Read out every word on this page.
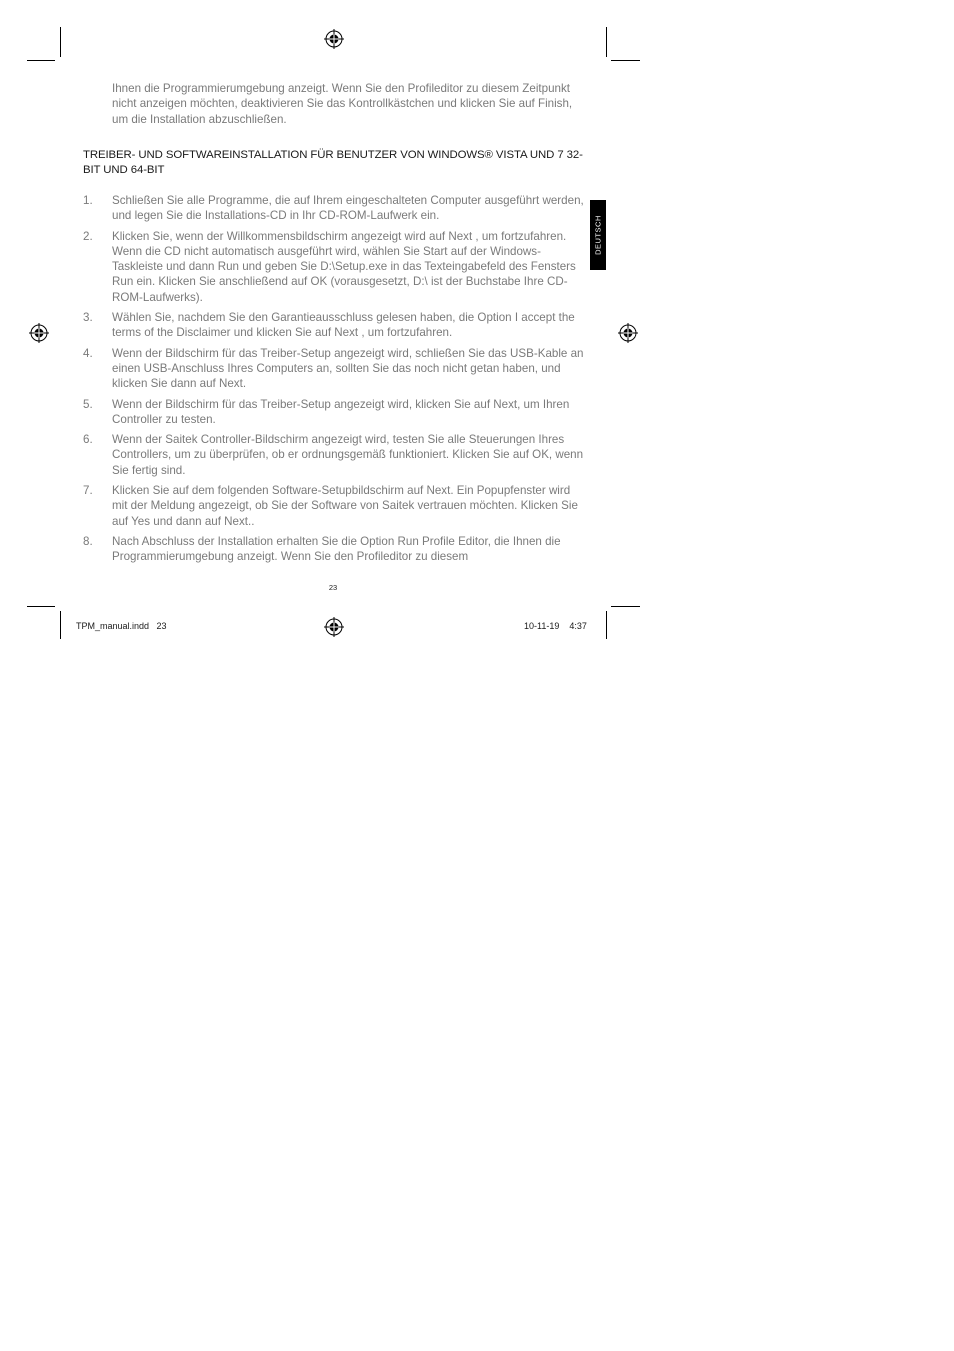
Ihnen die Programmierumgebung anzeigt. Wenn Sie den Profileditor zu diesem Zeitpunkt nicht anzeigen möchten, deaktivieren Sie das Kontrollkästchen und klicken Sie auf Finish, um die Installation abzuschließen.

TREIBER- UND SOFTWAREINSTALLATION FÜR BENUTZER VON WINDOWS® VISTA UND 7 32-BIT UND 64-BIT
1. Schließen Sie alle Programme, die auf Ihrem eingeschalteten Computer ausgeführt werden, und legen Sie die Installations-CD in Ihr CD-ROM-Laufwerk ein.
2. Klicken Sie, wenn der Willkommensbildschirm angezeigt wird auf Next , um fortzufahren. Wenn die CD nicht automatisch ausgeführt wird, wählen Sie Start auf der Windows-Taskleiste und dann Run und geben Sie D:\Setup.exe in das Texteingabefeld des Fensters Run ein. Klicken Sie anschließend auf OK (vorausgesetzt, D:\ ist der Buchstabe Ihre CD-ROM-Laufwerks).
3. Wählen Sie, nachdem Sie den Garantieausschluss gelesen haben, die Option I accept the terms of the Disclaimer und klicken Sie auf Next , um fortzufahren.
4. Wenn der Bildschirm für das Treiber-Setup angezeigt wird, schließen Sie das USB-Kable an einen USB-Anschluss Ihres Computers an, sollten Sie das noch nicht getan haben, und klicken Sie dann auf Next.
5. Wenn der Bildschirm für das Treiber-Setup angezeigt wird, klicken Sie auf Next, um Ihren Controller zu testen.
6. Wenn der Saitek Controller-Bildschirm angezeigt wird, testen Sie alle Steuerungen Ihres Controllers, um zu überprüfen, ob er ordnungsgemäß funktioniert. Klicken Sie auf OK, wenn Sie fertig sind.
7. Klicken Sie auf dem folgenden Software-Setupbildschirm auf Next. Ein Popupfenster wird mit der Meldung angezeigt, ob Sie der Software von Saitek vertrauen möchten. Klicken Sie auf Yes und dann auf Next..
8. Nach Abschluss der Installation erhalten Sie die Option Run Profile Editor, die Ihnen die Programmierumgebung anzeigt. Wenn Sie den Profileditor zu diesem
DEUTSCH
23
TPM_manual.indd   23	10-11-19    4:37
